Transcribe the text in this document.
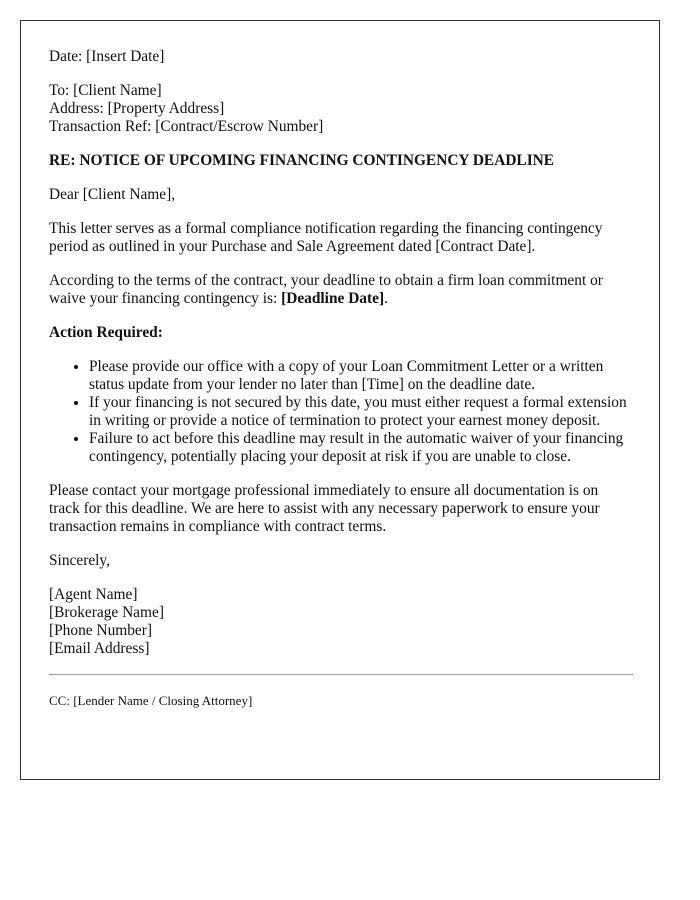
Date: [Insert Date]

To: [Client Name]
Address: [Property Address]
Transaction Ref: [Contract/Escrow Number]

RE: NOTICE OF UPCOMING FINANCING CONTINGENCY DEADLINE

Dear [Client Name],

This letter serves as a formal compliance notification regarding the financing contingency period as outlined in your Purchase and Sale Agreement dated [Contract Date].

According to the terms of the contract, your deadline to obtain a firm loan commitment or waive your financing contingency is: [Deadline Date].

Action Required:

• Please provide our office with a copy of your Loan Commitment Letter or a written status update from your lender no later than [Time] on the deadline date.
• If your financing is not secured by this date, you must either request a formal extension in writing or provide a notice of termination to protect your earnest money deposit.
• Failure to act before this deadline may result in the automatic waiver of your financing contingency, potentially placing your deposit at risk if you are unable to close.

Please contact your mortgage professional immediately to ensure all documentation is on track for this deadline. We are here to assist with any necessary paperwork to ensure your transaction remains in compliance with contract terms.

Sincerely,

[Agent Name]
[Brokerage Name]
[Phone Number]
[Email Address]

CC: [Lender Name / Closing Attorney]
